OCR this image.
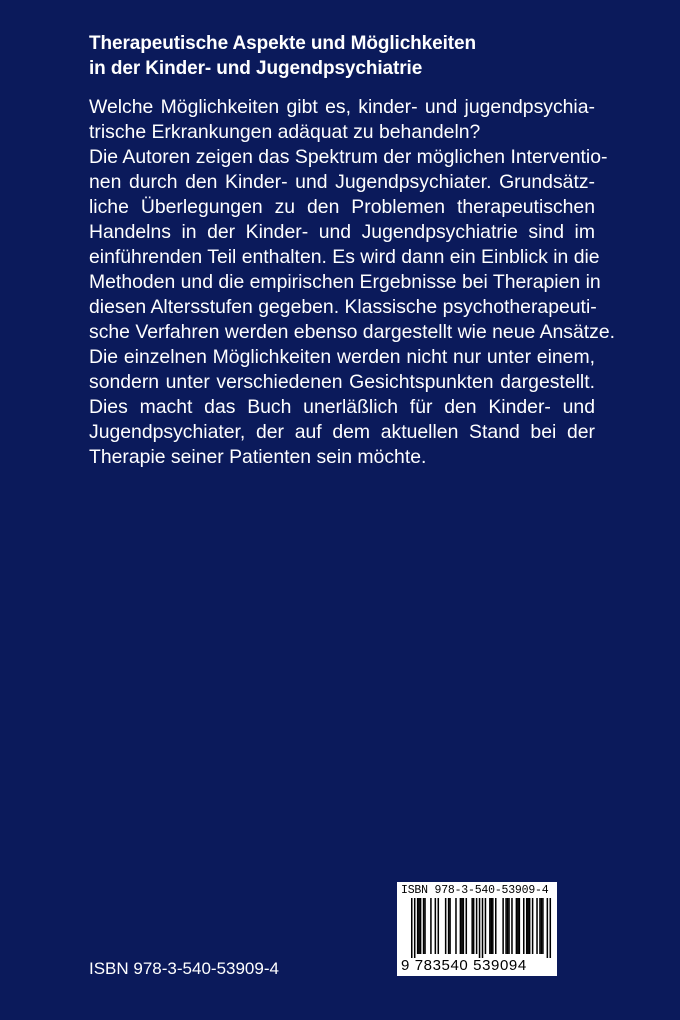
Therapeutische Aspekte und Möglichkeiten
in der Kinder- und Jugendpsychiatrie
Welche Möglichkeiten gibt es, kinder- und jugendpsychia-
trische Erkrankungen adäquat zu behandeln?
Die Autoren zeigen das Spektrum der möglichen Interventio-
nen durch den Kinder- und Jugendpsychiater. Grundsätz-
liche Überlegungen zu den Problemen therapeutischen
Handelns in der Kinder- und Jugendpsychiatrie sind im
einführenden Teil enthalten. Es wird dann ein Einblick in die
Methoden und die empirischen Ergebnisse bei Therapien in
diesen Altersstufen gegeben. Klassische psychotherapeuti-
sche Verfahren werden ebenso dargestellt wie neue Ansätze.
Die einzelnen Möglichkeiten werden nicht nur unter einem,
sondern unter verschiedenen Gesichtspunkten dargestellt.
Dies macht das Buch unerläßlich für den Kinder- und
Jugendpsychiater, der auf dem aktuellen Stand bei der
Therapie seiner Patienten sein möchte.
ISBN 978-3-540-53909-4
ISBN 978-3-540-53909-4
9 783540 539094
